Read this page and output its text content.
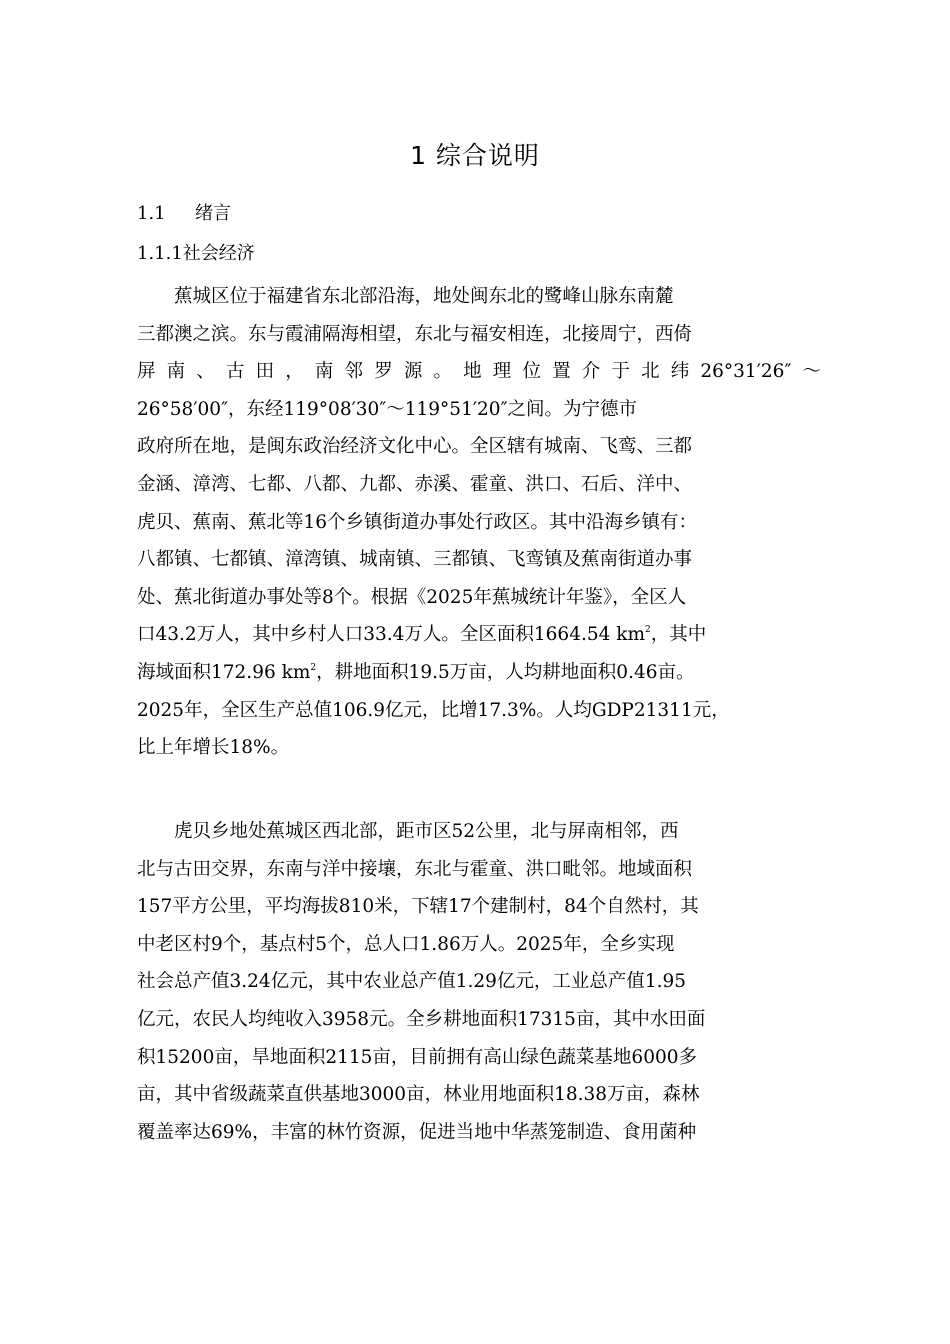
1 综合说明
1.1 绪言
1.1.1社会经济
蕉城区位于福建省东北部沿海，地处闽东北的鹭峰山脉东南麓
三都澳之滨。东与霞浦隔海相望，东北与福安相连，北接周宁，西倚
屏南、古田，南邻罗源。地理位置介于北纬26°31′26″～
26°58′00″，东经119°08′30″～119°51′20″之间。为宁德市
政府所在地，是闽东政治经济文化中心。全区辖有城南、飞鸾、三都
金涵、漳湾、七都、八都、九都、赤溪、霍童、洪口、石后、洋中、
虎贝、蕉南、蕉北等16个乡镇街道办事处行政区。其中沿海乡镇有：
八都镇、七都镇、漳湾镇、城南镇、三都镇、飞鸾镇及蕉南街道办事
处、蕉北街道办事处等8个。根据《2025年蕉城统计年鉴》，全区人
口43.2万人，其中乡村人口33.4万人。全区面积1664.54 $km^2$，其中
海域面积172.96 $km^2$，耕地面积19.5万亩，人均耕地面积0.46亩。
2025年，全区生产总值106.9亿元，比增17.3%。人均GDP21311元，
比上年增长18%。
虎贝乡地处蕉城区西北部，距市区52公里，北与屏南相邻，西
北与古田交界，东南与洋中接壤，东北与霍童、洪口毗邻。地域面积
157平方公里，平均海拔810米，下辖17个建制村，84个自然村，其
中老区村9个，基点村5个，总人口1.86万人。2025年，全乡实现
社会总产值3.24亿元，其中农业总产值1.29亿元，工业总产值1.95
亿元，农民人均纯收入3958元。全乡耕地面积17315亩，其中水田面
积15200亩，旱地面积2115亩，目前拥有高山绿色蔬菜基地6000多
亩，其中省级蔬菜直供基地3000亩，林业用地面积18.38万亩，森林
覆盖率达69%，丰富的林竹资源，促进当地中华蒸笼制造、食用菌种
